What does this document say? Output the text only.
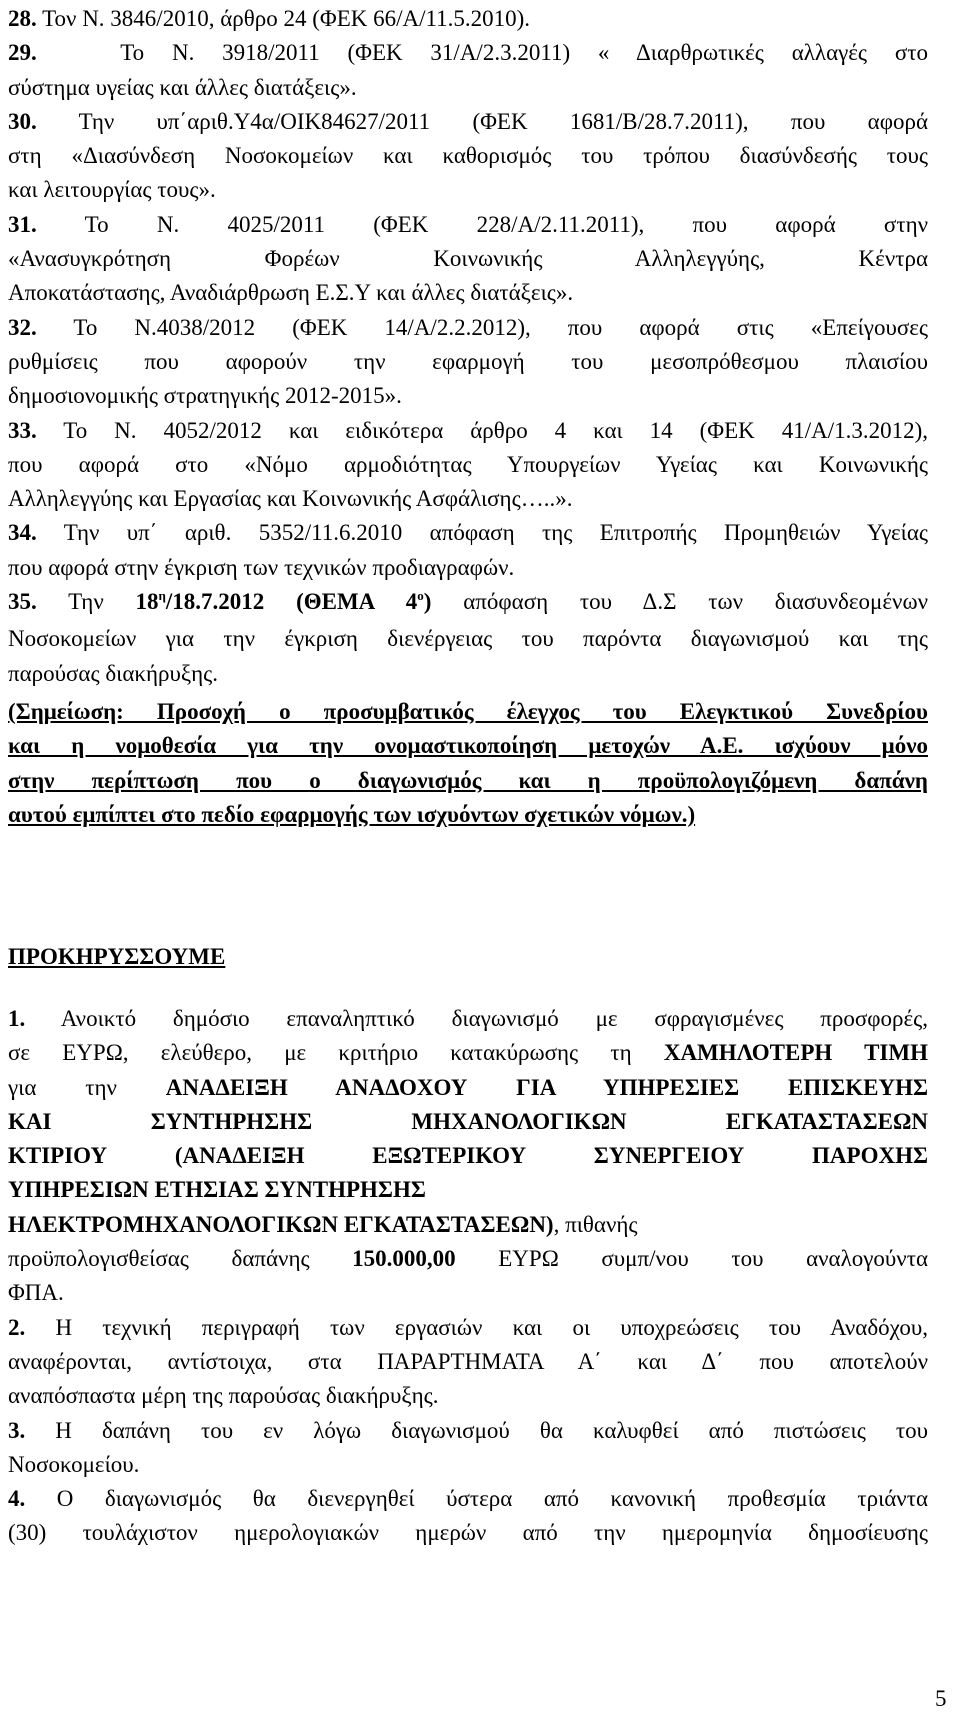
28. Τον Ν. 3846/2010, άρθρο 24 (ΦΕΚ 66/Α/11.5.2010).

29.	Το Ν. 3918/2011 (ΦΕΚ 31/Α/2.3.2011) « Διαρθρωτικές αλλαγές στο

σύστημα υγείας και άλλες διατάξεις».

30. Την υπ΄αριθ.Υ4α/ΟΙΚ84627/2011 (ΦΕΚ 1681/Β/28.7.2011), που αφορά

στη «Διασύνδεση Νοσοκομείων και καθορισμός του τρόπου διασύνδεσής τους

και λειτουργίας τους».

31. Το Ν. 4025/2011 (ΦΕΚ 228/Α/2.11.2011), που αφορά στην

«Ανασυγκρότηση Φορέων Κοινωνικής Αλληλεγγύης, Κέντρα

Αποκατάστασης, Αναδιάρθρωση Ε.Σ.Υ και άλλες διατάξεις».

32. Το Ν.4038/2012 (ΦΕΚ 14/Α/2.2.2012), που αφορά στις «Επείγουσες

ρυθμίσεις που αφορούν την εφαρμογή του μεσοπρόθεσμου πλαισίου

δημοσιονομικής στρατηγικής 2012-2015».

33. Το Ν. 4052/2012 και ειδικότερα άρθρο 4 και 14 (ΦΕΚ 41/Α/1.3.2012),

που αφορά στο «Νόμο αρμοδιότητας Υπουργείων Υγείας και Κοινωνικής

Αλληλεγγύης και Εργασίας και Κοινωνικής Ασφάλισης…..».

34. Την υπ΄ αριθ. 5352/11.6.2010 απόφαση της Επιτροπής Προμηθειών Υγείας

που αφορά στην έγκριση των τεχνικών προδιαγραφών.

35. Την $18^\eta/18.7.2012$ (ΘΕΜΑ $4^o$) απόφαση του Δ.Σ των διασυνδεομένων

Νοσοκομείων για την έγκριση διενέργειας του παρόντα διαγωνισμού και της

παρούσας διακήρυξης.

(Σημείωση: Προσοχή ο προσυμβατικός έλεγχος του Ελεγκτικού Συνεδρίου

και η νομοθεσία για την ονομαστικοποίηση μετοχών Α.Ε. ισχύουν μόνο

στην περίπτωση που ο διαγωνισμός και η προϋπολογιζόμενη δαπάνη

αυτού εμπίπτει στο πεδίο εφαρμογής των ισχυόντων σχετικών νόμων.)

ΠΡΟΚΗΡΥΣΣΟΥΜΕ

1. Ανοικτό δημόσιο επαναληπτικό διαγωνισμό με σφραγισμένες προσφορές,

σε ΕΥΡΩ, ελεύθερο, με κριτήριο κατακύρωσης τη ΧΑΜΗΛΟΤΕΡΗ ΤΙΜΗ

για την ΑΝΑΔΕΙΞΗ ΑΝΑΔΟΧΟΥ ΓΙΑ ΥΠΗΡΕΣΙΕΣ ΕΠΙΣΚΕΥΗΣ

ΚΑΙ ΣΥΝΤΗΡΗΣΗΣ ΜΗΧΑΝΟΛΟΓΙΚΩΝ ΕΓΚΑΤΑΣΤΑΣΕΩΝ

ΚΤΙΡΙΟΥ (ΑΝΑΔΕΙΞΗ ΕΞΩΤΕΡΙΚΟΥ ΣΥΝΕΡΓΕΙΟΥ ΠΑΡΟΧΗΣ

ΥΠΗΡΕΣΙΩΝ ΕΤΗΣΙΑΣ ΣΥΝΤΗΡΗΣΗΣ

ΗΛΕΚΤΡΟΜΗΧΑΝΟΛΟΓΙΚΩΝ ΕΓΚΑΤΑΣΤΑΣΕΩΝ), πιθανής

προϋπολογισθείσας δαπάνης 150.000,00 ΕΥΡΩ συμπ/νου του αναλογούντα

ΦΠΑ.

2. Η τεχνική περιγραφή των εργασιών και οι υποχρεώσεις του Αναδόχου,

αναφέρονται, αντίστοιχα, στα ΠΑΡΑΡΤΗΜΑΤΑ Α΄ και Δ΄ που αποτελούν

αναπόσπαστα μέρη της παρούσας διακήρυξης.

3. Η δαπάνη του εν λόγω διαγωνισμού θα καλυφθεί από πιστώσεις του

Νοσοκομείου.

4. Ο διαγωνισμός θα διενεργηθεί ύστερα από κανονική προθεσμία τριάντα

(30) τουλάχιστον ημερολογιακών ημερών από την ημερομηνία δημοσίευσης

5
